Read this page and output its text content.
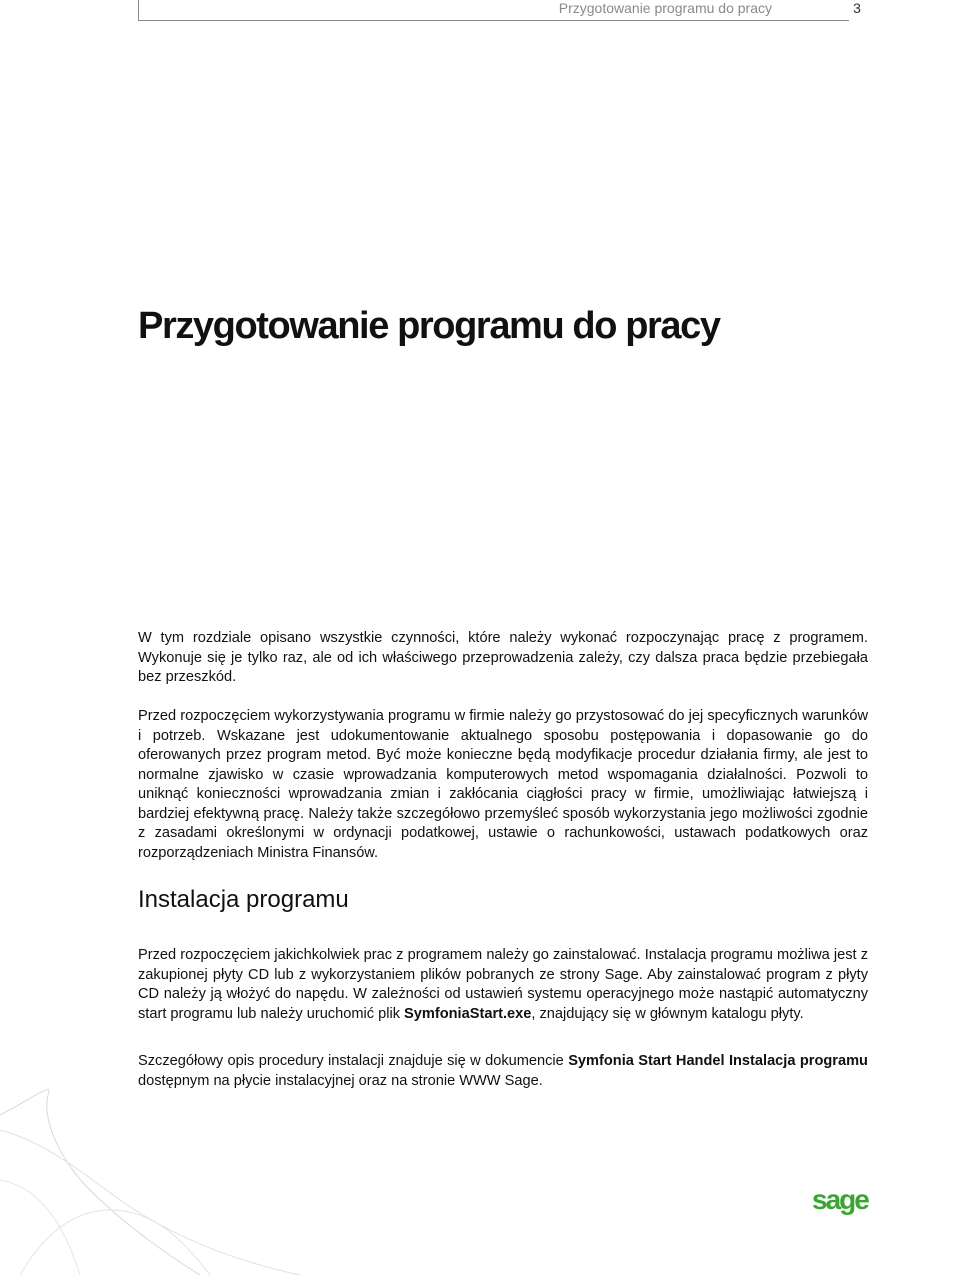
Przygotowanie programu do pracy	3
Przygotowanie programu do pracy

W tym rozdziale opisano wszystkie czynności, które należy wykonać rozpoczynając pracę z programem. Wykonuje się je tylko raz, ale od ich właściwego przeprowadzenia zależy, czy dalsza praca będzie przebiegała bez przeszkód.

Przed rozpoczęciem wykorzystywania programu w firmie należy go przystosować do jej specyficznych warunków i potrzeb. Wskazane jest udokumentowanie aktualnego sposobu postępowania i dopasowanie go do oferowanych przez program metod. Być może konieczne będą modyfikacje procedur działania firmy, ale jest to normalne zjawisko w czasie wprowadzania komputerowych metod wspomagania działalności. Pozwoli to uniknąć konieczności wprowadzania zmian i zakłócania ciągłości pracy w firmie, umożliwiając łatwiejszą i bardziej efektywną pracę. Należy także szczegółowo przemyśleć sposób wykorzystania jego możliwości zgodnie z zasadami określonymi w ordynacji podatkowej, ustawie o rachunkowości, ustawach podatkowych oraz rozporządzeniach Ministra Finansów.

Instalacja programu

Przed rozpoczęciem jakichkolwiek prac z programem należy go zainstalować. Instalacja programu możliwa jest z zakupionej płyty CD lub z wykorzystaniem plików pobranych ze strony Sage. Aby zainstalować program z płyty CD należy ją włożyć do napędu. W zależności od ustawień systemu operacyjnego może nastąpić automatyczny start programu lub należy uruchomić plik SymfoniaStart.exe, znajdujący się w głównym katalogu płyty.

Szczegółowy opis procedury instalacji znajduje się w dokumencie Symfonia Start Handel Instalacja programu dostępnym na płycie instalacyjnej oraz na stronie WWW Sage.

sage
